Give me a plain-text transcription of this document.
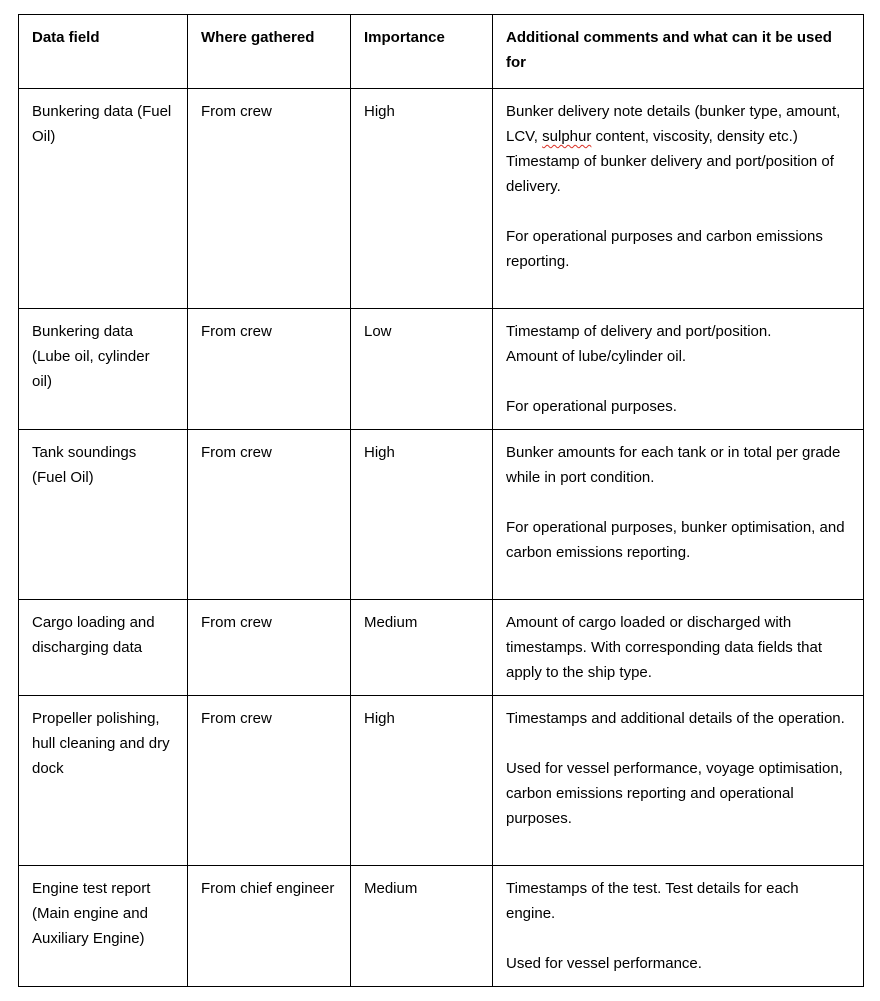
Data field	Where gathered	Importance	Additional comments and what can it be used for
Bunkering data (Fuel Oil)	From crew	High	Bunker delivery note details (bunker type, amount, LCV, sulphur content, viscosity, density etc.)
Timestamp of bunker delivery and port/position of delivery.

For operational purposes and carbon emissions reporting.
Bunkering data (Lube oil, cylinder oil)	From crew	Low	Timestamp of delivery and port/position.
Amount of lube/cylinder oil.

For operational purposes.
Tank soundings (Fuel Oil)	From crew	High	Bunker amounts for each tank or in total per grade while in port condition.

For operational purposes, bunker optimisation, and carbon emissions reporting.
Cargo loading and discharging data	From crew	Medium	Amount of cargo loaded or discharged with timestamps. With corresponding data fields that apply to the ship type.
Propeller polishing, hull cleaning and dry dock	From crew	High	Timestamps and additional details of the operation.

Used for vessel performance, voyage optimisation, carbon emissions reporting and operational purposes.
Engine test report (Main engine and Auxiliary Engine)	From chief engineer	Medium	Timestamps of the test. Test details for each engine.

Used for vessel performance.
